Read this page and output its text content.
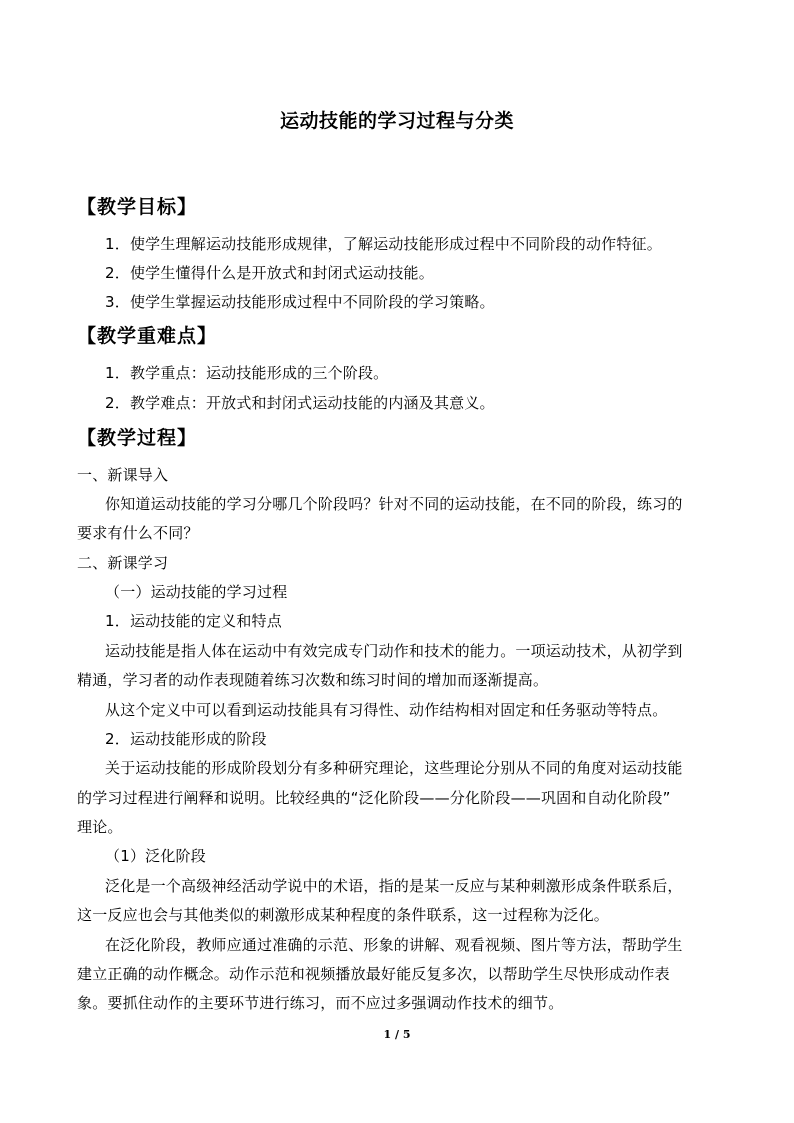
运动技能的学习过程与分类
【教学目标】
1．使学生理解运动技能形成规律，了解运动技能形成过程中不同阶段的动作特征。
2．使学生懂得什么是开放式和封闭式运动技能。
3．使学生掌握运动技能形成过程中不同阶段的学习策略。
【教学重难点】
1．教学重点：运动技能形成的三个阶段。
2．教学难点：开放式和封闭式运动技能的内涵及其意义。
【教学过程】
一、新课导入
你知道运动技能的学习分哪几个阶段吗？针对不同的运动技能，在不同的阶段，练习的
要求有什么不同？
二、新课学习
（一）运动技能的学习过程
1．运动技能的定义和特点
运动技能是指人体在运动中有效完成专门动作和技术的能力。一项运动技术，从初学到
精通，学习者的动作表现随着练习次数和练习时间的增加而逐渐提高。
从这个定义中可以看到运动技能具有习得性、动作结构相对固定和任务驱动等特点。
2．运动技能形成的阶段
关于运动技能的形成阶段划分有多种研究理论，这些理论分别从不同的角度对运动技能
的学习过程进行阐释和说明。比较经典的“泛化阶段——分化阶段——巩固和自动化阶段”
理论。
（1）泛化阶段
泛化是一个高级神经活动学说中的术语，指的是某一反应与某种刺激形成条件联系后，
这一反应也会与其他类似的刺激形成某种程度的条件联系，这一过程称为泛化。
在泛化阶段，教师应通过准确的示范、形象的讲解、观看视频、图片等方法，帮助学生
建立正确的动作概念。动作示范和视频播放最好能反复多次，以帮助学生尽快形成动作表
象。要抓住动作的主要环节进行练习，而不应过多强调动作技术的细节。
1 / 5
